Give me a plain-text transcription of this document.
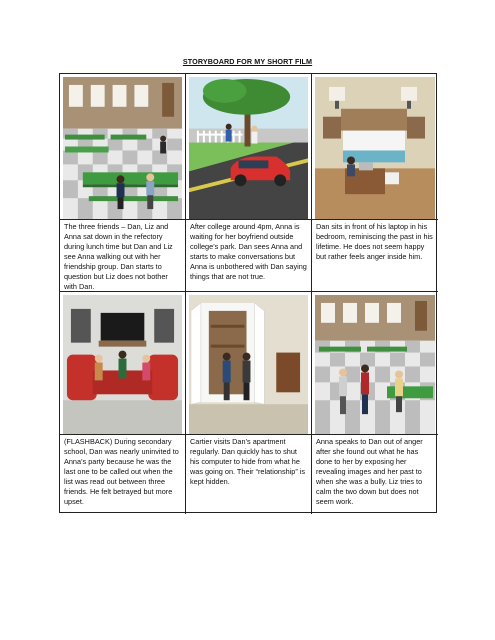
STORYBOARD FOR MY SHORT FILM
The three friends – Dan, Liz and Anna sat down in the refectory during lunch time but Dan and Liz see Anna walking out with her friendship group. Dan starts to question but Liz does not bother with Dan.
After college around 4pm, Anna is waiting for her boyfriend outside college’s park. Dan sees Anna and starts to make conversations but Anna is unbothered with Dan saying things that are not true.
Dan sits in front of his laptop in his bedroom, reminiscing the past in his lifetime. He does not seem happy but rather feels anger inside him.
(FLASHBACK) During secondary school, Dan was nearly uninvited to Anna’s party because he was the last one to be called out when the list was read out between three friends. He felt betrayed but more upset.
Cartier visits Dan’s apartment regularly. Dan quickly has to shut his computer to hide from what he was going on. Their “relationship” is kept hidden.
Anna speaks to Dan out of anger after she found out what he has done to her by exposing her revealing images and her past to when she was a bully. Liz tries to calm the two down but does not seem work.
